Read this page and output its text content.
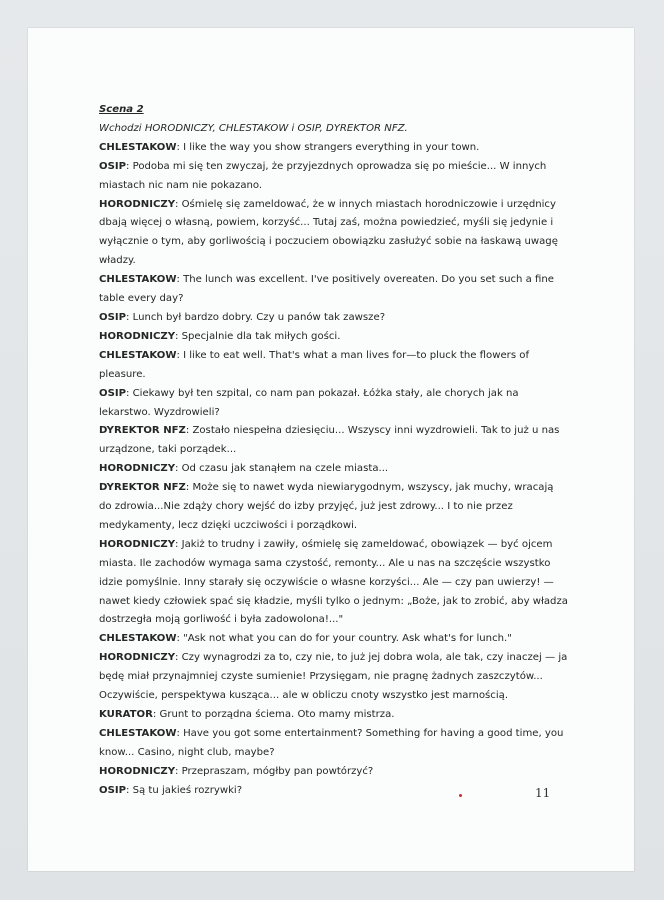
Scena 2
Wchodzi HORODNICZY, CHLESTAKOW i OSIP, DYREKTOR NFZ.
CHLESTAKOW: I like the way you show strangers everything in your town.
OSIP: Podoba mi się ten zwyczaj, że przyjezdnych oprowadza się po mieście... W innych miastach nic nam nie pokazano.
HORODNICZY: Ośmielę się zameldować, że w innych miastach horodniczowie i urzędnicy dbają więcej o własną, powiem, korzyść... Tutaj zaś, można powiedzieć, myśli się jedynie i wyłącznie o tym, aby gorliwością i poczuciem obowiązku zasłużyć sobie na łaskawą uwagę władzy.
CHLESTAKOW: The lunch was excellent. I've positively overeaten. Do you set such a fine table every day?
OSIP: Lunch był bardzo dobry. Czy u panów tak zawsze?
HORODNICZY: Specjalnie dla tak miłych gości.
CHLESTAKOW: I like to eat well. That's what a man lives for—to pluck the flowers of pleasure.
OSIP: Ciekawy był ten szpital, co nam pan pokazał. Łóżka stały, ale chorych jak na lekarstwo. Wyzdrowieli?
DYREKTOR NFZ: Zostało niespełna dziesięciu... Wszyscy inni wyzdrowieli. Tak to już u nas urządzone, taki porządek...
HORODNICZY: Od czasu jak stanąłem na czele miasta...
DYREKTOR NFZ: Może się to nawet wyda niewiarygodnym, wszyscy, jak muchy, wracają do zdrowia...Nie zdąży chory wejść do izby przyjęć, już jest zdrowy... I to nie przez medykamenty, lecz dzięki uczciwości i porządkowi.
HORODNICZY: Jakiż to trudny i zawiły, ośmielę się zameldować, obowiązek — być ojcem miasta. Ile zachodów wymaga sama czystość, remonty... Ale u nas na szczęście wszystko idzie pomyślnie. Inny starały się oczywiście o własne korzyści... Ale — czy pan uwierzy! — nawet kiedy człowiek spać się kładzie, myśli tylko o jednym: „Boże, jak to zrobić, aby władza dostrzegła moją gorliwość i była zadowolona!..."
CHLESTAKOW: "Ask not what you can do for your country. Ask what's for lunch."
HORODNICZY: Czy wynagrodzi za to, czy nie, to już jej dobra wola, ale tak, czy inaczej — ja będę miał przynajmniej czyste sumienie! Przysięgam, nie pragnę żadnych zaszczytów... Oczywiście, perspektywa kusząca... ale w obliczu cnoty wszystko jest marnością.
KURATOR: Grunt to porządna ściema. Oto mamy mistrza.
CHLESTAKOW: Have you got some entertainment? Something for having a good time, you know... Casino, night club, maybe?
HORODNICZY: Przepraszam, mógłby pan powtórzyć?
OSIP: Są tu jakieś rozrywki?	11
